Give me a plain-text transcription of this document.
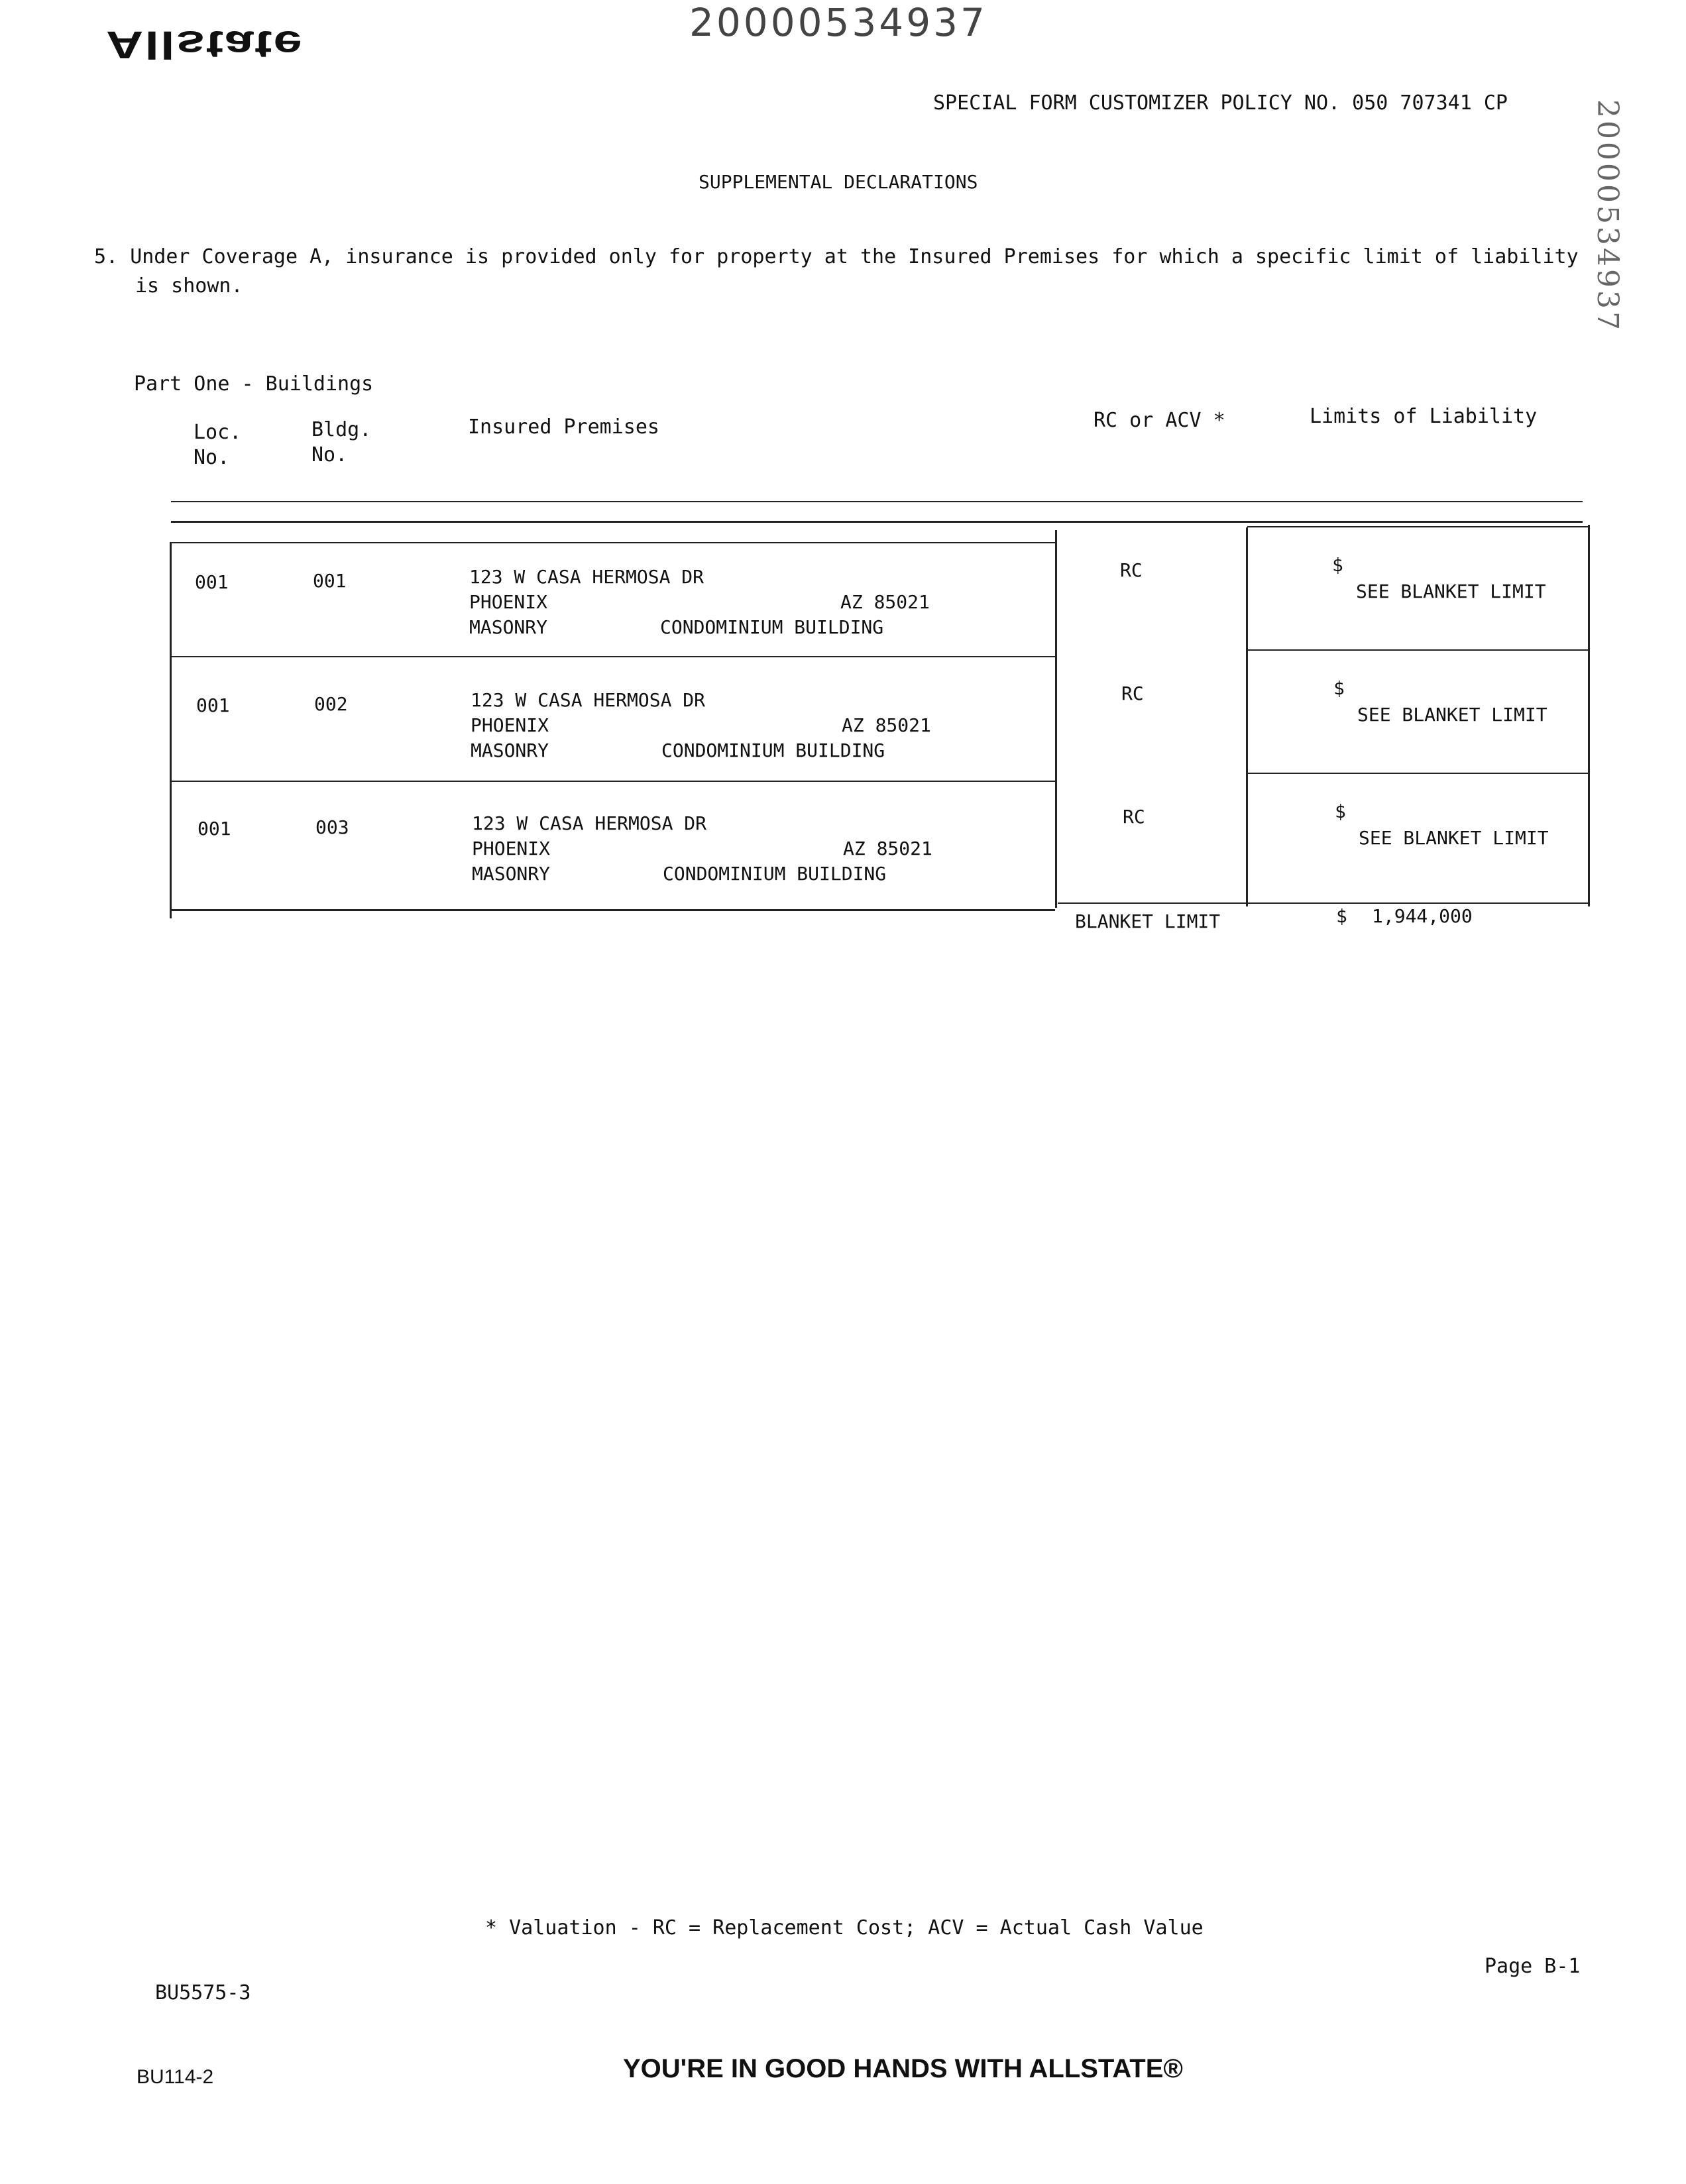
Allstate	20000534937
20000534937
SPECIAL FORM CUSTOMIZER POLICY NO. 050 707341 CP
SUPPLEMENTAL DECLARATIONS
5. Under Coverage A, insurance is provided only for property at the Insured Premises for which a specific limit of liability
is shown.
Part One - Buildings
Loc.
No.
Bldg.
No.
Insured Premises	RC or ACV *	Limits of Liability
001	001	123 W CASA HERMOSA DR
PHOENIX	AZ 85021
MASONRY	CONDOMINIUM BUILDING
RC	$
SEE BLANKET LIMIT
001	002	123 W CASA HERMOSA DR
PHOENIX	AZ 85021
MASONRY	CONDOMINIUM BUILDING
RC	$
SEE BLANKET LIMIT
001	003	123 W CASA HERMOSA DR
PHOENIX	AZ 85021
MASONRY	CONDOMINIUM BUILDING
RC	$
SEE BLANKET LIMIT
BLANKET LIMIT	$ 1,944,000
* Valuation - RC = Replacement Cost; ACV = Actual Cash Value
Page B-1
BU5575-3
BU114-2	YOU'RE IN GOOD HANDS WITH ALLSTATE®
